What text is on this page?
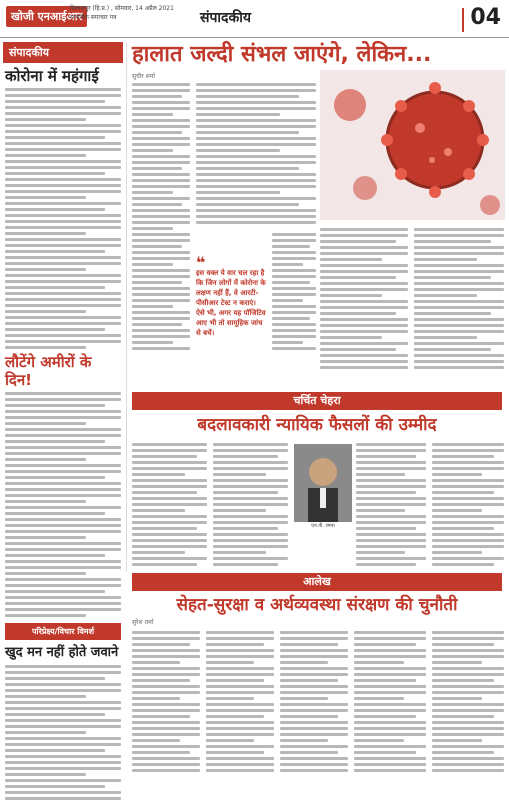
खोजी एनआईआर
बिलासपुर (हि.प्र.) , सोमवार, 14 अप्रैल 2021
सामयिक समाचार पत्र	संपादकीय	04
संपादकीय
कोरोना में महंगाई
लौटेंगे अमीरों के दिन!
परिप्रेक्ष्य/विचार विमर्श
खुद मन नहीं होते जवाने
हालात जल्दी संभल जाएंगे, लेकिन...
सुधीर शर्मा
❝
इस वक्त ये वार चल रहा है कि जिन लोगों में कोरोना के लक्षण नहीं हैं, वे आरटी-पीसीआर टेस्ट न कराएं। ऐसे भी, अगर यह पॉजिटिव आए भी तो सामूहिक जांच से बचें।
चर्चित चेहरा
बदलावकारी न्यायिक फैसलों की उम्मीद
एन.वी. रमना
आलेख
सेहत-सुरक्षा व अर्थव्यवस्था संरक्षण की चुनौती
सुरेश धर्मा
